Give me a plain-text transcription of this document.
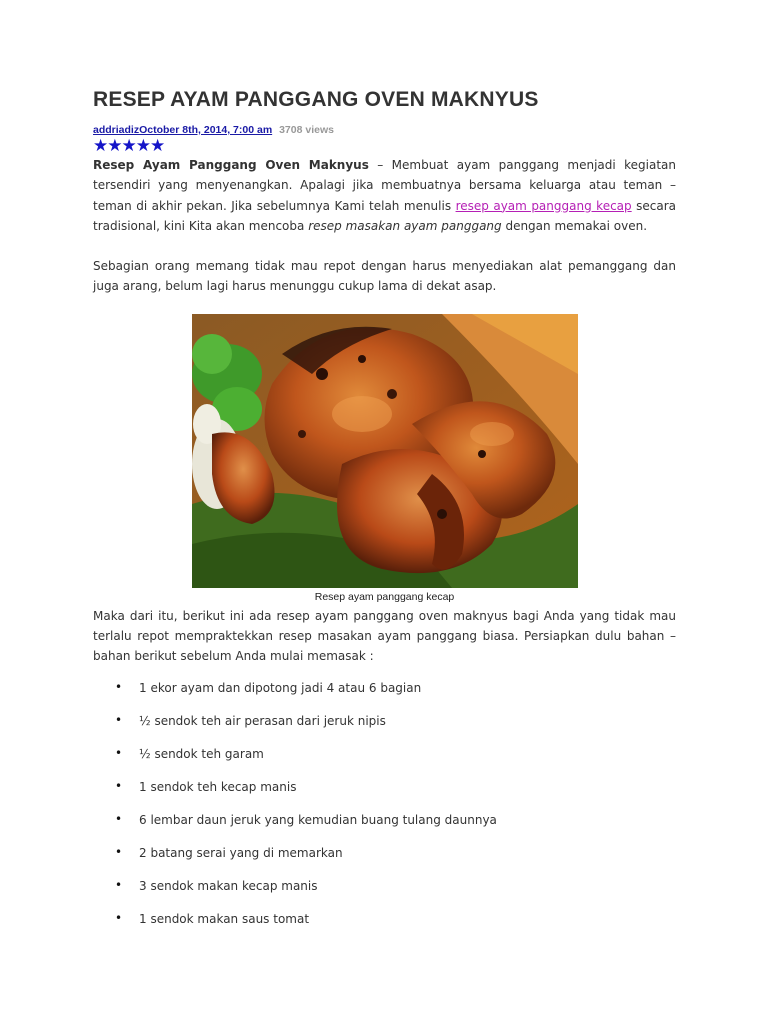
RESEP AYAM PANGGANG OVEN MAKNYUS
addriadizOctober 8th, 2014, 7:00 am 3708 views
★★★★★

Resep Ayam Panggang Oven Maknyus – Membuat ayam panggang menjadi kegiatan tersendiri yang menyenangkan. Apalagi jika membuatnya bersama keluarga atau teman – teman di akhir pekan. Jika sebelumnya Kami telah menulis resep ayam panggang kecap secara tradisional, kini Kita akan mencoba resep masakan ayam panggang dengan memakai oven.

Sebagian orang memang tidak mau repot dengan harus menyediakan alat pemanggang dan juga arang, belum lagi harus menunggu cukup lama di dekat asap.

Resep ayam panggang kecap

Maka dari itu, berikut ini ada resep ayam panggang oven maknyus bagi Anda yang tidak mau terlalu repot mempraktekkan resep masakan ayam panggang biasa. Persiapkan dulu bahan – bahan berikut sebelum Anda mulai memasak :

• 1 ekor ayam dan dipotong jadi 4 atau 6 bagian
• ½ sendok teh air perasan dari jeruk nipis
• ½ sendok teh garam
• 1 sendok teh kecap manis
• 6 lembar daun jeruk yang kemudian buang tulang daunnya
• 2 batang serai yang di memarkan
• 3 sendok makan kecap manis
• 1 sendok makan saus tomat
